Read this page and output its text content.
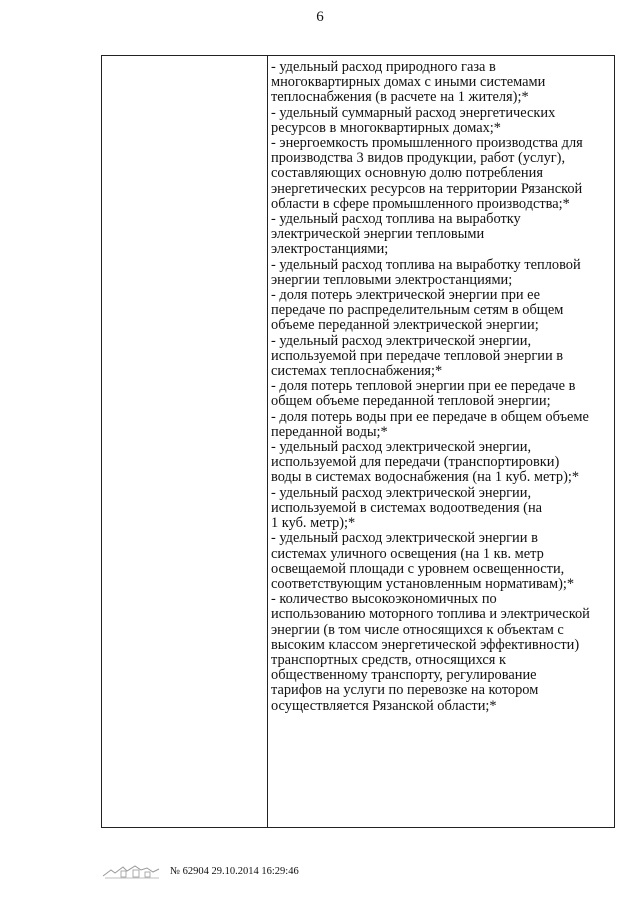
6
- удельный расход природного газа в
многоквартирных домах с иными системами
теплоснабжения (в расчете на 1 жителя);*
- удельный суммарный расход энергетических
ресурсов в многоквартирных домах;*
- энергоемкость промышленного производства для
производства 3 видов продукции, работ (услуг),
составляющих основную долю потребления
энергетических ресурсов на территории Рязанской
области в сфере промышленного производства;*
- удельный расход топлива на выработку
электрической энергии тепловыми
электростанциями;
- удельный расход топлива на выработку тепловой
энергии тепловыми электростанциями;
- доля потерь электрической энергии при ее
передаче по распределительным сетям в общем
объеме переданной электрической энергии;
- удельный расход электрической энергии,
используемой при передаче тепловой энергии в
системах теплоснабжения;*
- доля потерь тепловой энергии при ее передаче в
общем объеме переданной тепловой энергии;
- доля потерь воды при ее передаче в общем объеме
переданной воды;*
- удельный расход электрической энергии,
используемой для передачи (транспортировки)
воды в системах водоснабжения (на 1 куб. метр);*
- удельный расход электрической энергии,
используемой в системах водоотведения (на
1 куб. метр);*
- удельный расход электрической энергии в
системах уличного освещения (на 1 кв. метр
освещаемой площади с уровнем освещенности,
соответствующим установленным нормативам);*
- количество высокоэкономичных по
использованию моторного топлива и электрической
энергии (в том числе относящихся к объектам с
высоким классом энергетической эффективности)
транспортных средств, относящихся к
общественному транспорту, регулирование
тарифов на услуги по перевозке на котором
осуществляется Рязанской области;*
№ 62904 29.10.2014 16:29:46
